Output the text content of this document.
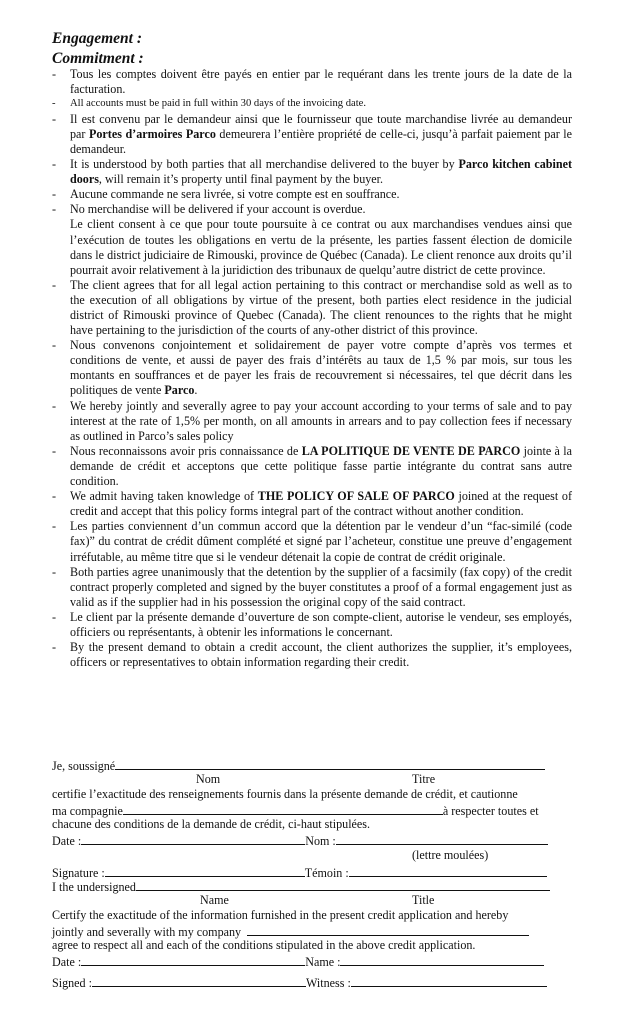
Engagement :
Commitment :
- Tous les comptes doivent être payés en entier par le requérant dans les trente jours de la date de la facturation.
- All accounts must be paid in full within 30 days of the invoicing date.
- Il est convenu par le demandeur ainsi que le fournisseur que toute marchandise livrée au demandeur par Portes d’armoires Parco demeurera l’entière propriété de celle-ci, jusqu’à parfait paiement par le demandeur.
- It is understood by both parties that all merchandise delivered to the buyer by Parco kitchen cabinet doors, will remain it’s property until final payment by the buyer.
- Aucune commande ne sera livrée, si votre compte est en souffrance.
- No merchandise will be delivered if your account is overdue.
Le client consent à ce que pour toute poursuite à ce contrat ou aux marchandises vendues ainsi que l’exécution de toutes les obligations en vertu de la présente, les parties fassent élection de domicile dans le district judiciaire de Rimouski, province de Québec (Canada). Le client renonce aux droits qu’il pourrait avoir relativement à la juridiction des tribunaux de quelqu’autre district de cette province.
- The client agrees that for all legal action pertaining to this contract or merchandise sold as well as to the execution of all obligations by virtue of the present, both parties elect residence in the judicial district of Rimouski province of Quebec (Canada). The client renounces to the rights that he might have pertaining to the jurisdiction of the courts of any-other district of this province.
- Nous convenons conjointement et solidairement de payer votre compte d’après vos termes et conditions de vente, et aussi de payer des frais d’intérêts au taux de 1,5 % par mois, sur tous les montants en souffrances et de payer les frais de recouvrement si nécessaires, tel que décrit dans les politiques de vente Parco.
- We hereby jointly and severally agree to pay your account according to your terms of sale and to pay interest at the rate of 1,5% per month, on all amounts in arrears and to pay collection fees if necessary as outlined in Parco’s sales policy
- Nous reconnaissons avoir pris connaissance de LA POLITIQUE DE VENTE DE PARCO jointe à la demande de crédit et acceptons que cette politique fasse partie intégrante du contrat sans autre condition.
- We admit having taken knowledge of THE POLICY OF SALE OF PARCO joined at the request of credit and accept that this policy forms integral part of the contract without another condition.
- Les parties conviennent d’un commun accord que la détention par le vendeur d’un “fac-similé (code fax)” du contrat de crédit dûment complété et signé par l’acheteur, constitue une preuve d’engagement irréfutable, au même titre que si le vendeur détenait la copie de contrat de crédit originale.
- Both parties agree unanimously that the detention by the supplier of a facsimily (fax copy) of the credit contract properly completed and signed by the buyer constitutes a proof of a formal engagement just as valid as if the supplier had in his possession the original copy of the said contract.
- Le client par la présente demande d’ouverture de son compte-client, autorise le vendeur, ses employés, officiers ou représentants, à obtenir les informations le concernant.
- By the present demand to obtain a credit account, the client authorizes the supplier, it’s employees, officers or representatives to obtain information regarding their credit.
Je, soussigné
Nom	Titre
certifie l’exactitude des renseignements fournis dans la présente demande de crédit, et cautionne
ma compagnie	à respecter toutes et
chacune des conditions de la demande de crédit, ci-haut stipulées.
Date :	Nom :
(lettre moulées)
Signature :	Témoin :
I the undersigned
Name	Title
Certify the exactitude of the information furnished in the present credit application and hereby
jointly and severally with my company
agree to respect all and each of the conditions stipulated in the above credit application.
Date :	Name :
Signed :	Witness :
